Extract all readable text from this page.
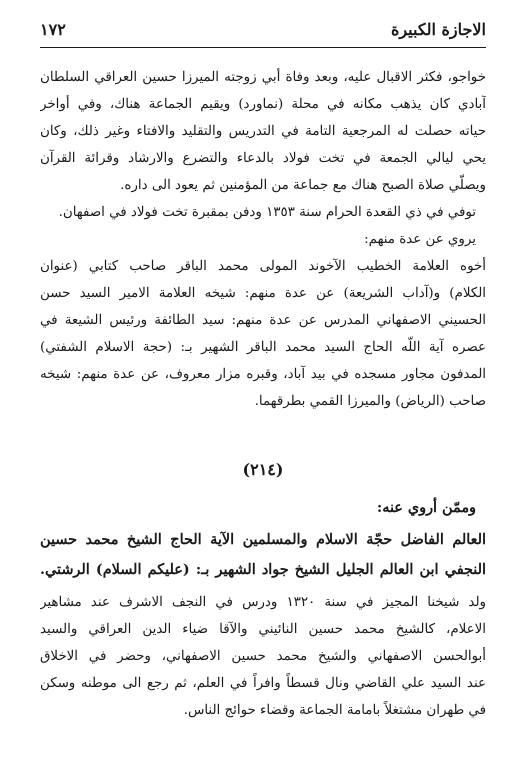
الاجازة الكبيرة
١٧٢
خواجو، فكثر الاقبال عليه، وبعد وفاة أبي زوجته الميرزا حسين العراقي السلطان
آبادي كان يذهب مكانه في محلة (نماورد) ويقيم الجماعة هناك، وفي أواخر
حياته حصلت له المرجعية التامة في التدريس والتقليد والافتاء وغير ذلك، وكان
يحي ليالي الجمعة في تخت فولاد بالدعاء والتضرع والارشاد وقرائة القرآن
ويصلّي صلاة الصبح هناك مع جماعة من المؤمنين ثم يعود الى داره.
توفي في ذي القعدة الحرام سنة ١٣٥٣ ودفن بمقبرة تخت فولاد في اصفهان.
يروي عن عدة منهم:
أخوه العلامة الخطيب الآخوند المولى محمد الباقر صاحب كتابي (عنوان
الكلام) و(آداب الشريعة) عن عدة منهم: شيخه العلامة الامير السيد حسن
الحسيني الاصفهاني المدرس عن عدة منهم: سيد الطائفة ورئيس الشيعة في
عصره آية اللّه الحاج السيد محمد الباقر الشهير بـ: (حجة الاسلام الشفتي)
المدفون مجاور مسجده في بيد آباد، وقبره مزار معروف، عن عدة منهم: شيخه
صاحب (الرياض) والميرزا القمي بطرقهما.
(٢١٤)
وممّن أروي عنه:
العالم الفاضل حجّة الاسلام والمسلمين الآية الحاج الشيخ محمد حسين
النجفي ابن العالم الجليل الشيخ جواد الشهير بـ: (عليكم السلام) الرشتي.
ولد شيخنا المجيز في سنة ١٣٢٠ ودرس في النجف الاشرف عند مشاهير
الاعلام، كالشيخ محمد حسين النائيني والآقا ضياء الدين العراقي والسيد
أبوالحسن الاصفهاني والشيخ محمد حسين الاصفهاني، وحضر في الاخلاق
عند السيد علي القاضي ونال قسطاً وافراً في العلم، ثم رجع الى موطنه وسكن
في طهران مشتغلاً بامامة الجماعة وقضاء حوائج الناس.
